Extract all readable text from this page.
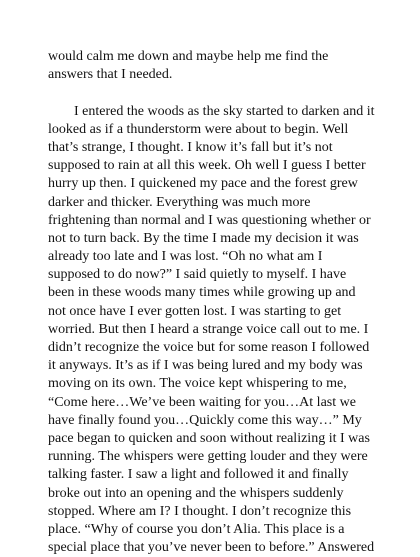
would calm me down and maybe help me find the
answers that I needed.
I entered the woods as the sky started to darken and it
looked as if a thunderstorm were about to begin. Well
that’s strange, I thought. I know it’s fall but it’s not
supposed to rain at all this week. Oh well I guess I better
hurry up then. I quickened my pace and the forest grew
darker and thicker. Everything was much more
frightening than normal and I was questioning whether or
not to turn back. By the time I made my decision it was
already too late and I was lost. “Oh no what am I
supposed to do now?” I said quietly to myself. I have
been in these woods many times while growing up and
not once have I ever gotten lost. I was starting to get
worried. But then I heard a strange voice call out to me. I
didn’t recognize the voice but for some reason I followed
it anyways. It’s as if I was being lured and my body was
moving on its own. The voice kept whispering to me,
“Come here…We’ve been waiting for you…At last we
have finally found you…Quickly come this way…” My
pace began to quicken and soon without realizing it I was
running. The whispers were getting louder and they were
talking faster. I saw a light and followed it and finally
broke out into an opening and the whispers suddenly
stopped. Where am I? I thought. I don’t recognize this
place. “Why of course you don’t Alia. This place is a
special place that you’ve never been to before.” Answered
